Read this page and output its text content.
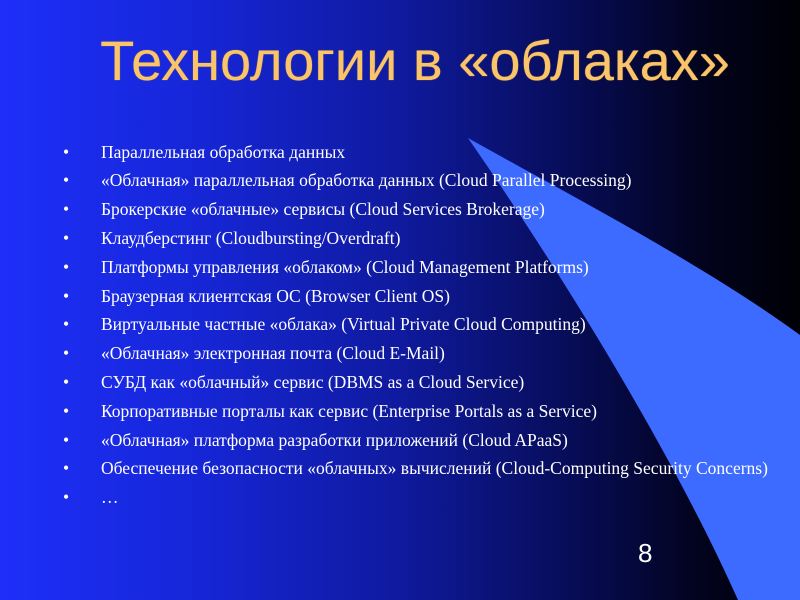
Технологии в «облаках»
• Параллельная обработка данных
• «Облачная» параллельная обработка данных (Cloud Parallel Processing)
• Брокерские «облачные» сервисы (Cloud Services Brokerage)
• Клаудберстинг (Cloudbursting/Overdraft)
• Платформы управления «облаком» (Cloud Management Platforms)
• Браузерная клиентская ОС (Browser Client OS)
• Виртуальные частные «облака» (Virtual Private Cloud Computing)
• «Облачная» электронная почта (Cloud E-Mail)
• СУБД как «облачный» сервис (DBMS as a Cloud Service)
• Корпоративные порталы как сервис (Enterprise Portals as a Service)
• «Облачная» платформа разработки приложений (Cloud APaaS)
• Обеспечение безопасности «облачных» вычислений (Cloud-Computing Security Concerns)
• …
8
